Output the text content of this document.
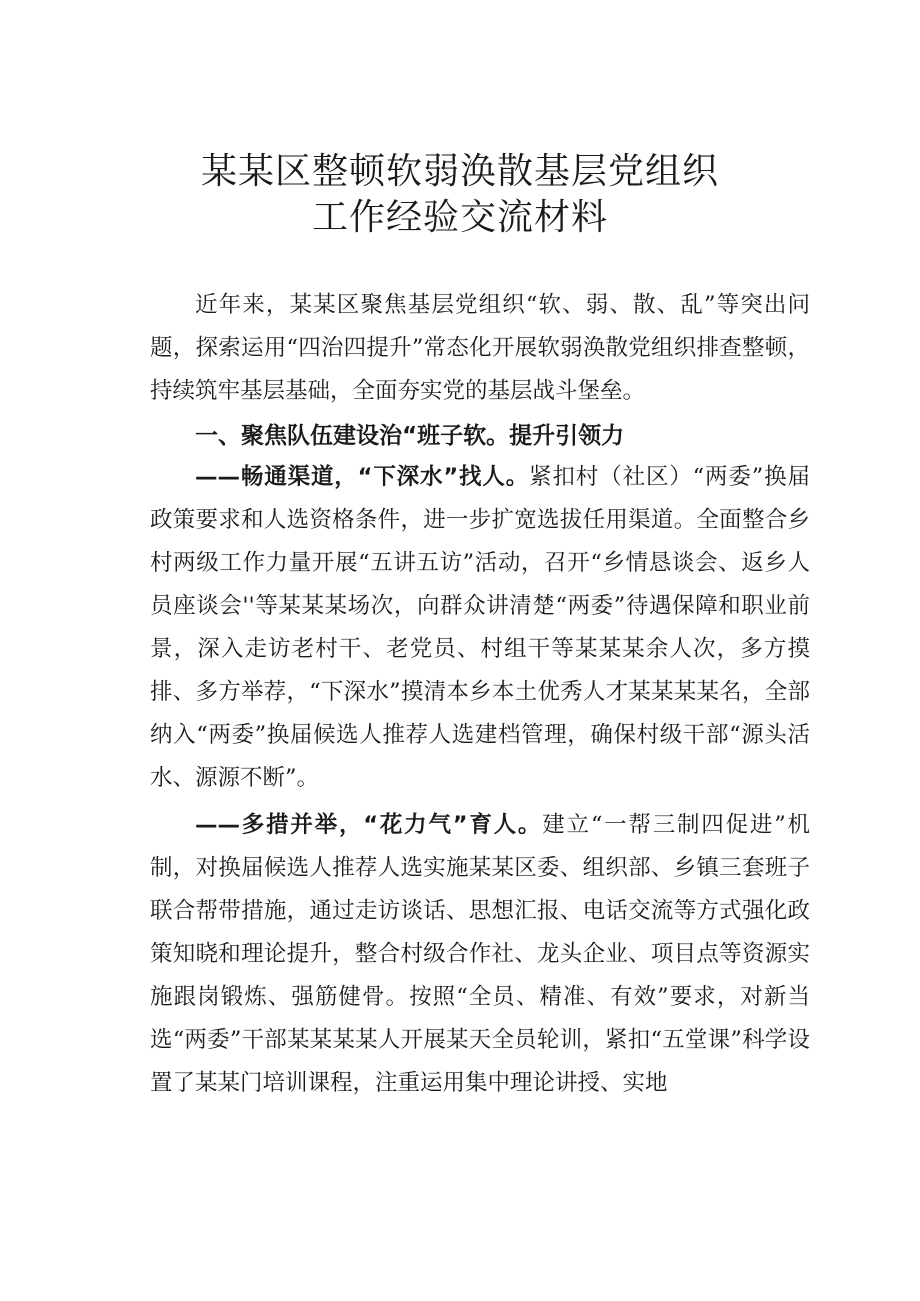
某某区整顿软弱涣散基层党组织
工作经验交流材料

近年来，某某区聚焦基层党组织“软、弱、散、乱”等突出问题，探索运用“四治四提升”常态化开展软弱涣散党组织排查整顿，持续筑牢基层基础，全面夯实党的基层战斗堡垒。

一、聚焦队伍建设治“班子软。提升引领力

——畅通渠道，“下深水”找人。紧扣村（社区）“两委”换届政策要求和人选资格条件，进一步扩宽选拔任用渠道。全面整合乡村两级工作力量开展“五讲五访”活动，召开“乡情恳谈会、返乡人员座谈会''等某某某场次，向群众讲清楚“两委”待遇保障和职业前景，深入走访老村干、老党员、村组干等某某某余人次，多方摸排、多方举荐，“下深水”摸清本乡本土优秀人才某某某某名，全部纳入“两委”换届候选人推荐人选建档管理，确保村级干部“源头活水、源源不断”。

——多措并举，“花力气”育人。建立“一帮三制四促进”机制，对换届候选人推荐人选实施某某区委、组织部、乡镇三套班子联合帮带措施，通过走访谈话、思想汇报、电话交流等方式强化政策知晓和理论提升，整合村级合作社、龙头企业、项目点等资源实施跟岗锻炼、强筋健骨。按照“全员、精准、有效”要求，对新当选“两委”干部某某某某人开展某天全员轮训，紧扣“五堂课”科学设置了某某门培训课程，注重运用集中理论讲授、实地
